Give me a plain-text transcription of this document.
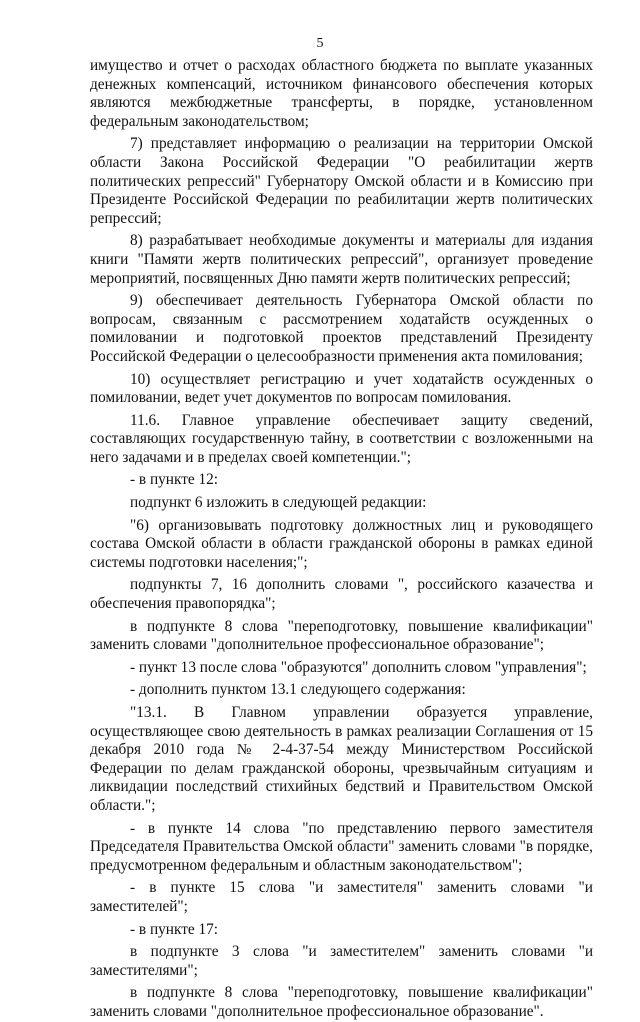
5

имущество и отчет о расходах областного бюджета по выплате указанных денежных компенсаций, источником финансового обеспечения которых являются межбюджетные трансферты, в порядке, установленном федеральным законодательством;

7) представляет информацию о реализации на территории Омской области Закона Российской Федерации "О реабилитации жертв политических репрессий" Губернатору Омской области и в Комиссию при Президенте Российской Федерации по реабилитации жертв политических репрессий;

8) разрабатывает необходимые документы и материалы для издания книги "Памяти жертв политических репрессий", организует проведение мероприятий, посвященных Дню памяти жертв политических репрессий;

9) обеспечивает деятельность Губернатора Омской области по вопросам, связанным с рассмотрением ходатайств осужденных о помиловании и подготовкой проектов представлений Президенту Российской Федерации о целесообразности применения акта помилования;

10) осуществляет регистрацию и учет ходатайств осужденных о помиловании, ведет учет документов по вопросам помилования.

11.6. Главное управление обеспечивает защиту сведений, составляющих государственную тайну, в соответствии с возложенными на него задачами и в пределах своей компетенции.";

- в пункте 12:

подпункт 6 изложить в следующей редакции:

"6) организовывать подготовку должностных лиц и руководящего состава Омской области в области гражданской обороны в рамках единой системы подготовки населения;";

подпункты 7, 16 дополнить словами ", российского казачества и обеспечения правопорядка";

в подпункте 8 слова "переподготовку, повышение квалификации" заменить словами "дополнительное профессиональное образование";

- пункт 13 после слова "образуются" дополнить словом "управления";

- дополнить пунктом 13.1 следующего содержания:

"13.1. В Главном управлении образуется управление, осуществляющее свою деятельность в рамках реализации Соглашения от 15 декабря 2010 года № 2-4-37-54 между Министерством Российской Федерации по делам гражданской обороны, чрезвычайным ситуациям и ликвидации последствий стихийных бедствий и Правительством Омской области.";

- в пункте 14 слова "по представлению первого заместителя Председателя Правительства Омской области" заменить словами "в порядке, предусмотренном федеральным и областным законодательством";

- в пункте 15 слова "и заместителя" заменить словами "и заместителей";

- в пункте 17:

в подпункте 3 слова "и заместителем" заменить словами "и заместителями";

в подпункте 8 слова "переподготовку, повышение квалификации" заменить словами "дополнительное профессиональное образование".
